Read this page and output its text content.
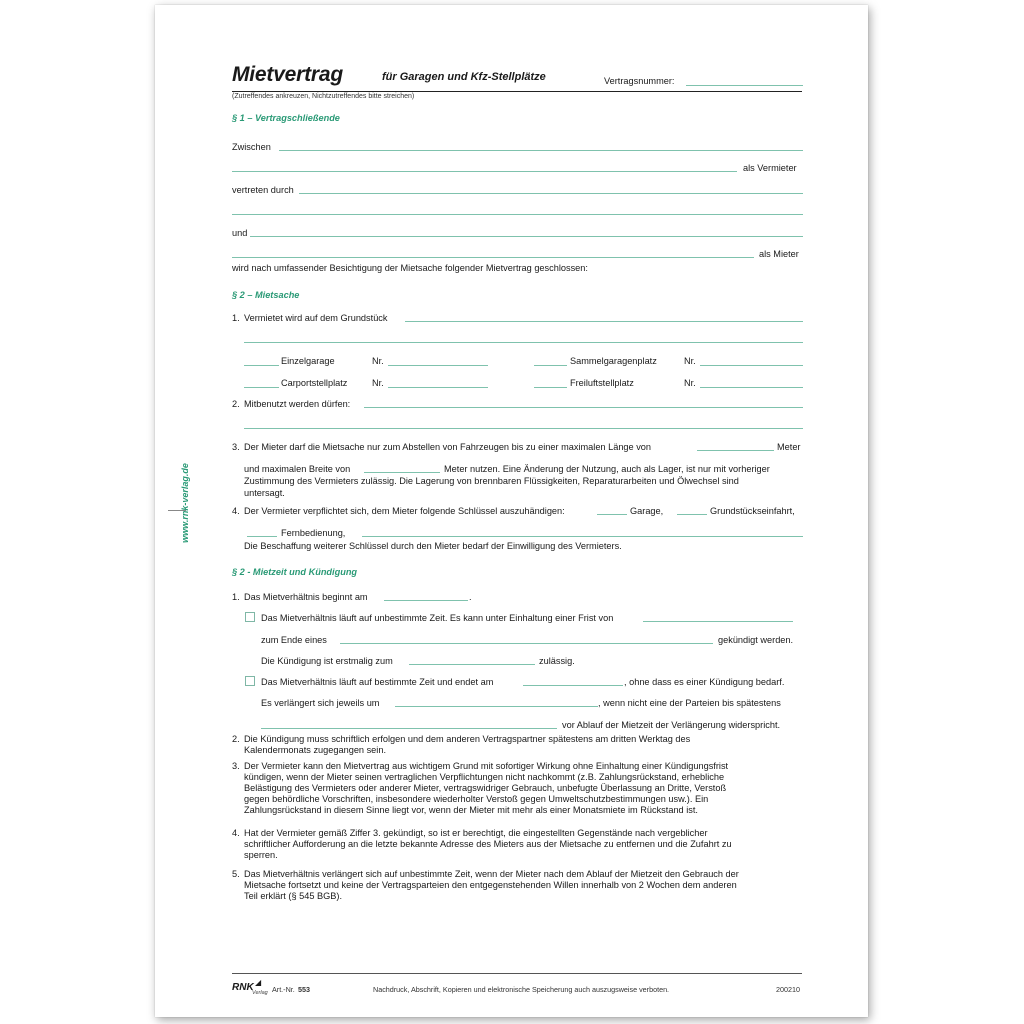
www.rnk-verlag.de
Mietvertrag	für Garagen und Kfz-Stellplätze	Vertragsnummer:
(Zutreffendes ankreuzen, Nichtzutreffendes bitte streichen)
§ 1 – Vertragschließende
Zwischen
als Vermieter
vertreten durch
und
als Mieter
wird nach umfassender Besichtigung der Mietsache folgender Mietvertrag geschlossen:
§ 2 – Mietsache
1. Vermietet wird auf dem Grundstück
Einzelgarage	Nr.	Sammelgaragenplatz	Nr.
Carportstellplatz	Nr.	Freiluftstellplatz	Nr.
2. Mitbenutzt werden dürfen:
3. Der Mieter darf die Mietsache nur zum Abstellen von Fahrzeugen bis zu einer maximalen Länge von	Meter
und maximalen Breite von	Meter nutzen. Eine Änderung der Nutzung, auch als Lager, ist nur mit vorheriger
Zustimmung des Vermieters zulässig. Die Lagerung von brennbaren Flüssigkeiten, Reparaturarbeiten und Ölwechsel sind
untersagt.
4. Der Vermieter verpflichtet sich, dem Mieter folgende Schlüssel auszuhändigen:	Garage,	Grundstückseinfahrt,
Fernbedienung,
Die Beschaffung weiterer Schlüssel durch den Mieter bedarf der Einwilligung des Vermieters.
§ 2 - Mietzeit und Kündigung
1. Das Mietverhältnis beginnt am	.
Das Mietverhältnis läuft auf unbestimmte Zeit. Es kann unter Einhaltung einer Frist von
zum Ende eines	gekündigt werden.
Die Kündigung ist erstmalig zum	zulässig.
Das Mietverhältnis läuft auf bestimmte Zeit und endet am	, ohne dass es einer Kündigung bedarf.
Es verlängert sich jeweils um	, wenn nicht eine der Parteien bis spätestens
vor Ablauf der Mietzeit der Verlängerung widerspricht.
2. Die Kündigung muss schriftlich erfolgen und dem anderen Vertragspartner spätestens am dritten Werktag des
Kalendermonats zugegangen sein.
3. Der Vermieter kann den Mietvertrag aus wichtigem Grund mit sofortiger Wirkung ohne Einhaltung einer Kündigungsfrist
kündigen, wenn der Mieter seinen vertraglichen Verpflichtungen nicht nachkommt (z.B. Zahlungsrückstand, erhebliche
Belästigung des Vermieters oder anderer Mieter, vertragswidriger Gebrauch, unbefugte Überlassung an Dritte, Verstoß
gegen behördliche Vorschriften, insbesondere wiederholter Verstoß gegen Umweltschutzbestimmungen usw.). Ein
Zahlungsrückstand in diesem Sinne liegt vor, wenn der Mieter mit mehr als einer Monatsmiete im Rückstand ist.
4. Hat der Vermieter gemäß Ziffer 3. gekündigt, so ist er berechtigt, die eingestellten Gegenstände nach vergeblicher
schriftlicher Aufforderung an die letzte bekannte Adresse des Mieters aus der Mietsache zu entfernen und die Zufahrt zu
sperren.
5. Das Mietverhältnis verlängert sich auf unbestimmte Zeit, wenn der Mieter nach dem Ablauf der Mietzeit den Gebrauch der
Mietsache fortsetzt und keine der Vertragsparteien den entgegenstehenden Willen innerhalb von 2 Wochen dem anderen
Teil erklärt (§ 545 BGB).
RNK ◢
Verlag Art.-Nr. 553	Nachdruck, Abschrift, Kopieren und elektronische Speicherung auch auszugsweise verboten.	200210
